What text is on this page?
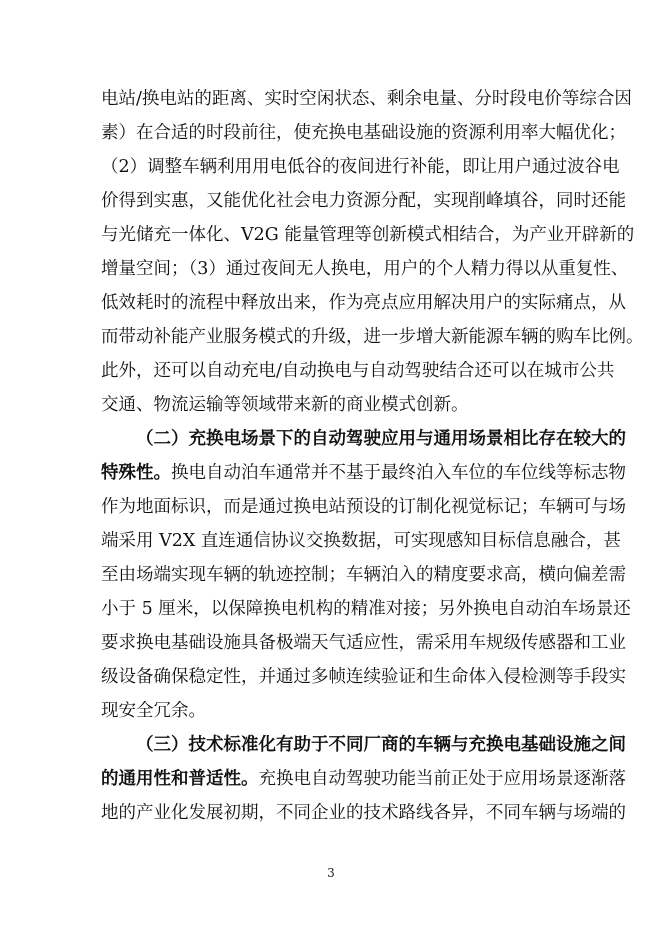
电站/换电站的距离、实时空闲状态、剩余电量、分时段电价等综合因
素）在合适的时段前往，使充换电基础设施的资源利用率大幅优化；
（2）调整车辆利用用电低谷的夜间进行补能，即让用户通过波谷电
价得到实惠，又能优化社会电力资源分配，实现削峰填谷，同时还能
与光储充一体化、V2G 能量管理等创新模式相结合，为产业开辟新的
增量空间；（3）通过夜间无人换电，用户的个人精力得以从重复性、
低效耗时的流程中释放出来，作为亮点应用解决用户的实际痛点，从
而带动补能产业服务模式的升级，进一步增大新能源车辆的购车比例。
此外，还可以自动充电/自动换电与自动驾驶结合还可以在城市公共
交通、物流运输等领域带来新的商业模式创新。
（二）充换电场景下的自动驾驶应用与通用场景相比存在较大的
特殊性。换电自动泊车通常并不基于最终泊入车位的车位线等标志物
作为地面标识，而是通过换电站预设的订制化视觉标记；车辆可与场
端采用 V2X 直连通信协议交换数据，可实现感知目标信息融合，甚
至由场端实现车辆的轨迹控制；车辆泊入的精度要求高，横向偏差需
小于 5 厘米，以保障换电机构的精准对接；另外换电自动泊车场景还
要求换电基础设施具备极端天气适应性，需采用车规级传感器和工业
级设备确保稳定性，并通过多帧连续验证和生命体入侵检测等手段实
现安全冗余。
（三）技术标准化有助于不同厂商的车辆与充换电基础设施之间
的通用性和普适性。充换电自动驾驶功能当前正处于应用场景逐渐落
地的产业化发展初期，不同企业的技术路线各异，不同车辆与场端的
3
